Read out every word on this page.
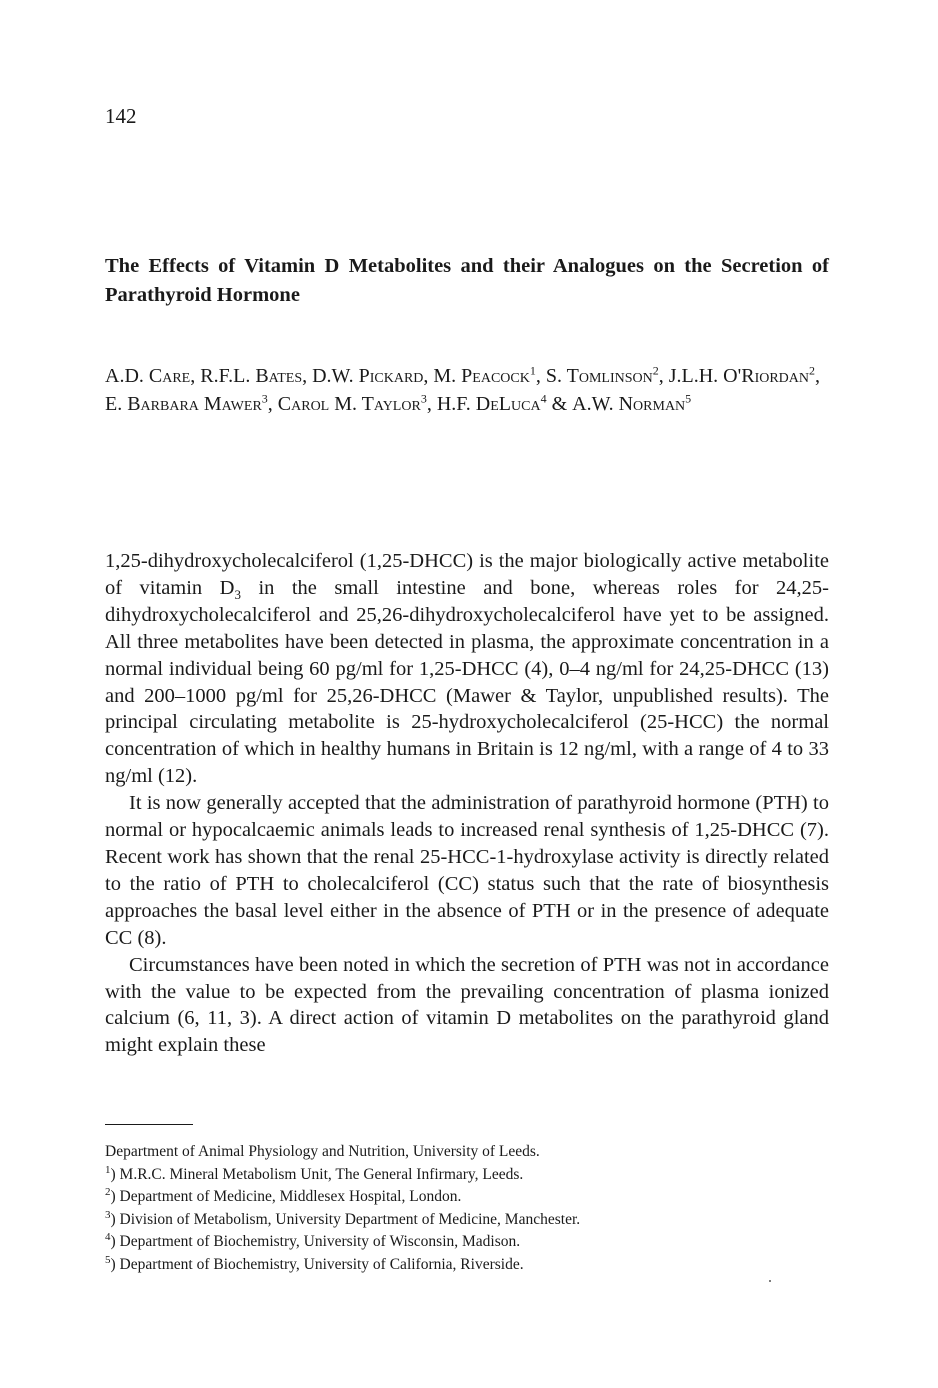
142
The Effects of Vitamin D Metabolites and their Analogues on the Secretion of Parathyroid Hormone
A.D. Care, R.F.L. Bates, D.W. Pickard, M. Peacock$^1$, S. Tomlinson$^2$, J.L.H. O'Riordan$^2$, E. Barbara Mawer$^3$, Carol M. Taylor$^3$, H.F. DeLuca$^4$ & A.W. Norman$^5$

1,25-dihydroxycholecalciferol (1,25-DHCC) is the major biologically active metabolite of vitamin $D_3$ in the small intestine and bone, whereas roles for 24,25-dihydroxycholecalciferol and 25,26-dihydroxycholecalciferol have yet to be assigned. All three metabolites have been detected in plasma, the approximate concentration in a normal individual being 60 pg/ml for 1,25-DHCC (4), 0–4 ng/ml for 24,25-DHCC (13) and 200–1000 pg/ml for 25,26-DHCC (Mawer & Taylor, unpublished results). The principal circulating metabolite is 25-hydroxycholecalciferol (25-HCC) the normal concentration of which in healthy humans in Britain is 12 ng/ml, with a range of 4 to 33 ng/ml (12).

It is now generally accepted that the administration of parathyroid hormone (PTH) to normal or hypocalcaemic animals leads to increased renal synthesis of 1,25-DHCC (7). Recent work has shown that the renal 25-HCC-1-hydroxylase activity is directly related to the ratio of PTH to cholecalciferol (CC) status such that the rate of biosynthesis approaches the basal level either in the absence of PTH or in the presence of adequate CC (8).

Circumstances have been noted in which the secretion of PTH was not in accordance with the value to be expected from the prevailing concentration of plasma ionized calcium (6, 11, 3). A direct action of vitamin D metabolites on the parathyroid gland might explain these

Department of Animal Physiology and Nutrition, University of Leeds.
$^1$) M.R.C. Mineral Metabolism Unit, The General Infirmary, Leeds.
$^2$) Department of Medicine, Middlesex Hospital, London.
$^3$) Division of Metabolism, University Department of Medicine, Manchester.
$^4$) Department of Biochemistry, University of Wisconsin, Madison.
$^5$) Department of Biochemistry, University of California, Riverside.
